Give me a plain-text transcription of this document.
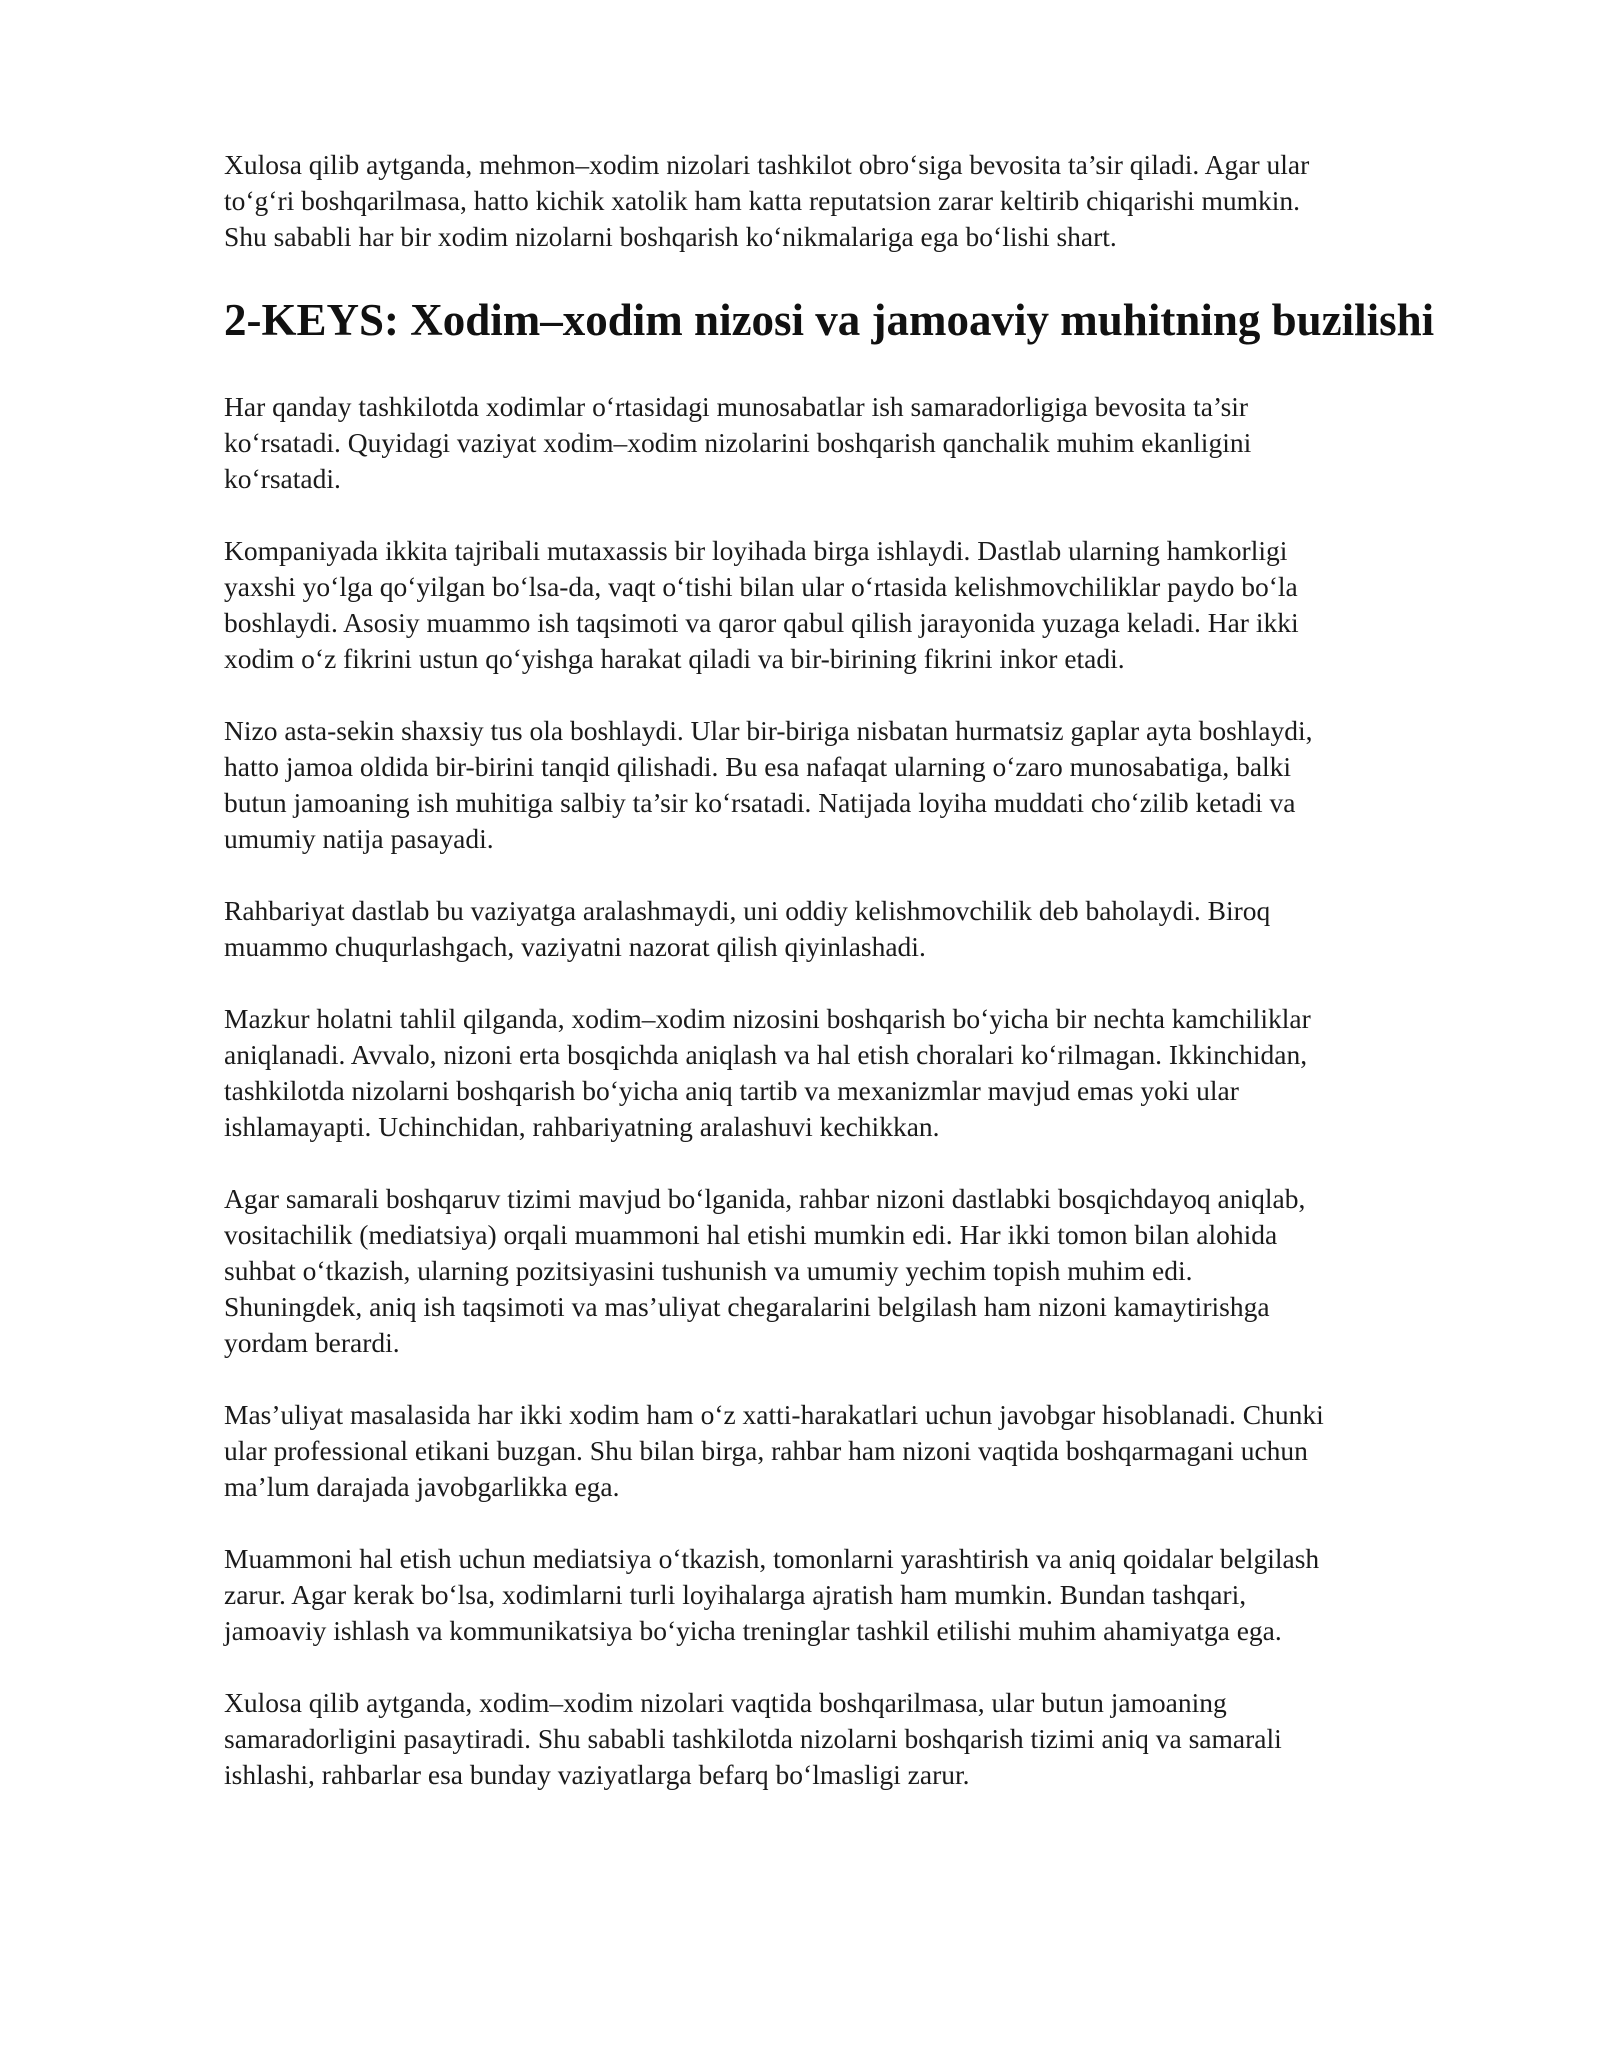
Xulosa qilib aytganda, mehmon–xodim nizolari tashkilot obro‘siga bevosita ta’sir qiladi. Agar ular
to‘g‘ri boshqarilmasa, hatto kichik xatolik ham katta reputatsion zarar keltirib chiqarishi mumkin.
Shu sababli har bir xodim nizolarni boshqarish ko‘nikmalariga ega bo‘lishi shart.

2-KEYS: Xodim–xodim nizosi va jamoaviy muhitning buzilishi

Har qanday tashkilotda xodimlar o‘rtasidagi munosabatlar ish samaradorligiga bevosita ta’sir
ko‘rsatadi. Quyidagi vaziyat xodim–xodim nizolarini boshqarish qanchalik muhim ekanligini
ko‘rsatadi.

Kompaniyada ikkita tajribali mutaxassis bir loyihada birga ishlaydi. Dastlab ularning hamkorligi
yaxshi yo‘lga qo‘yilgan bo‘lsa-da, vaqt o‘tishi bilan ular o‘rtasida kelishmovchiliklar paydo bo‘la
boshlaydi. Asosiy muammo ish taqsimoti va qaror qabul qilish jarayonida yuzaga keladi. Har ikki
xodim o‘z fikrini ustun qo‘yishga harakat qiladi va bir-birining fikrini inkor etadi.

Nizo asta-sekin shaxsiy tus ola boshlaydi. Ular bir-biriga nisbatan hurmatsiz gaplar ayta boshlaydi,
hatto jamoa oldida bir-birini tanqid qilishadi. Bu esa nafaqat ularning o‘zaro munosabatiga, balki
butun jamoaning ish muhitiga salbiy ta’sir ko‘rsatadi. Natijada loyiha muddati cho‘zilib ketadi va
umumiy natija pasayadi.

Rahbariyat dastlab bu vaziyatga aralashmaydi, uni oddiy kelishmovchilik deb baholaydi. Biroq
muammo chuqurlashgach, vaziyatni nazorat qilish qiyinlashadi.

Mazkur holatni tahlil qilganda, xodim–xodim nizosini boshqarish bo‘yicha bir nechta kamchiliklar
aniqlanadi. Avvalo, nizoni erta bosqichda aniqlash va hal etish choralari ko‘rilmagan. Ikkinchidan,
tashkilotda nizolarni boshqarish bo‘yicha aniq tartib va mexanizmlar mavjud emas yoki ular
ishlamayapti. Uchinchidan, rahbariyatning aralashuvi kechikkan.

Agar samarali boshqaruv tizimi mavjud bo‘lganida, rahbar nizoni dastlabki bosqichdayoq aniqlab,
vositachilik (mediatsiya) orqali muammoni hal etishi mumkin edi. Har ikki tomon bilan alohida
suhbat o‘tkazish, ularning pozitsiyasini tushunish va umumiy yechim topish muhim edi.
Shuningdek, aniq ish taqsimoti va mas’uliyat chegaralarini belgilash ham nizoni kamaytirishga
yordam berardi.

Mas’uliyat masalasida har ikki xodim ham o‘z xatti-harakatlari uchun javobgar hisoblanadi. Chunki
ular professional etikani buzgan. Shu bilan birga, rahbar ham nizoni vaqtida boshqarmagani uchun
ma’lum darajada javobgarlikka ega.

Muammoni hal etish uchun mediatsiya o‘tkazish, tomonlarni yarashtirish va aniq qoidalar belgilash
zarur. Agar kerak bo‘lsa, xodimlarni turli loyihalarga ajratish ham mumkin. Bundan tashqari,
jamoaviy ishlash va kommunikatsiya bo‘yicha treninglar tashkil etilishi muhim ahamiyatga ega.

Xulosa qilib aytganda, xodim–xodim nizolari vaqtida boshqarilmasa, ular butun jamoaning
samaradorligini pasaytiradi. Shu sababli tashkilotda nizolarni boshqarish tizimi aniq va samarali
ishlashi, rahbarlar esa bunday vaziyatlarga befarq bo‘lmasligi zarur.
